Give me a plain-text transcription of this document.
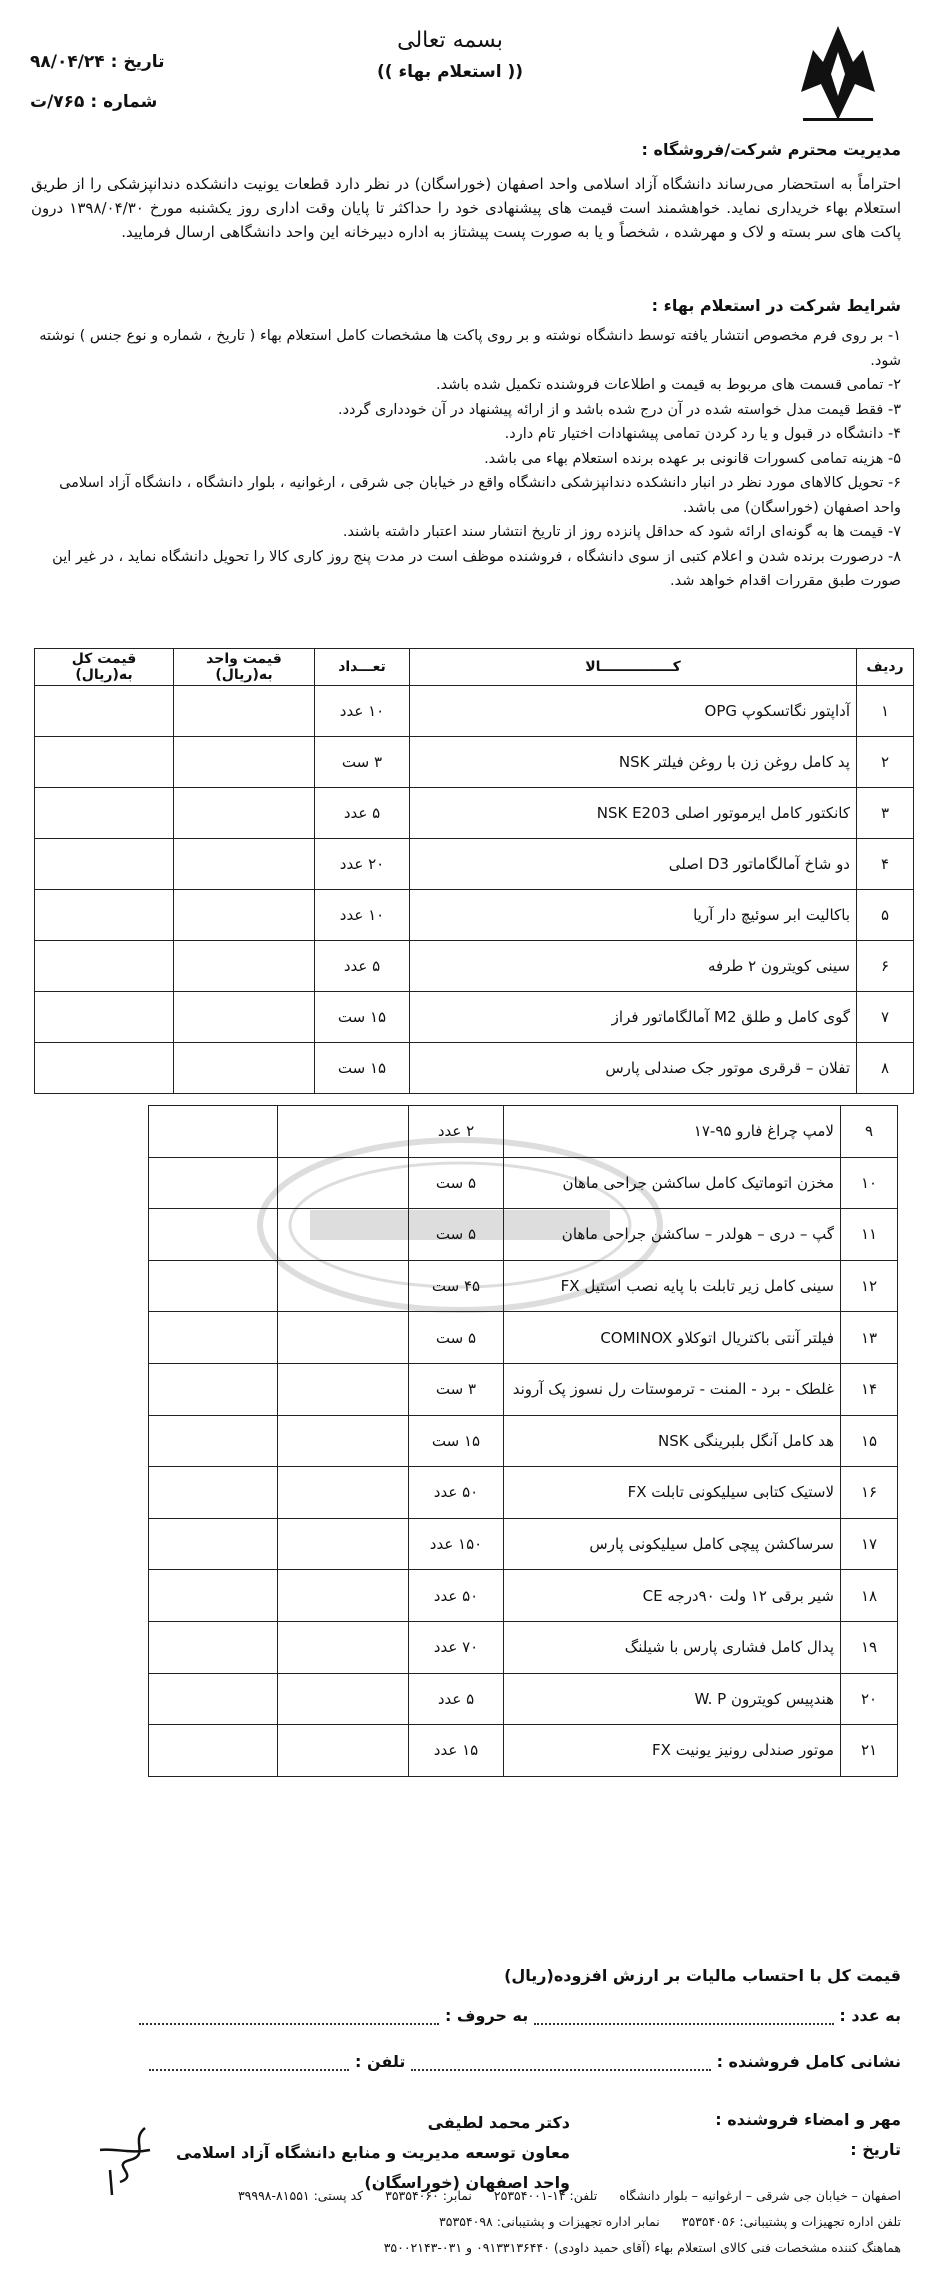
بسمه تعالی
(( استعلام بهاء ))
تاریخ : ۹۸/۰۴/۲۴
شماره : ۷۶۵/ت
مدیریت محترم شرکت/فروشگاه :
احتراماً به استحضار می‌رساند دانشگاه آزاد اسلامی واحد اصفهان (خوراسگان) در نظر دارد قطعات یونیت دانشکده دندانپزشکی را از طریق استعلام بهاء خریداری نماید. خواهشمند است قیمت های پیشنهادی خود را حداکثر تا پایان وقت اداری روز یکشنبه مورخ ۱۳۹۸/۰۴/۳۰ درون پاکت های سر بسته و لاک و مهرشده ، شخصاً و یا به صورت پست پیشتاز به اداره دبیرخانه این واحد دانشگاهی ارسال فرمایید.
شرایط شرکت در استعلام بهاء :
۱- بر روی فرم مخصوص انتشار یافته توسط دانشگاه نوشته و بر روی پاکت ها مشخصات کامل استعلام بهاء ( تاریخ ، شماره و نوع جنس ) نوشته شود.
۲- تمامی قسمت های مربوط به قیمت و اطلاعات فروشنده تکمیل شده باشد.
۳- فقط قیمت مدل خواسته شده در آن درج شده باشد و از ارائه پیشنهاد در آن خودداری گردد.
۴- دانشگاه در قبول و یا رد کردن تمامی پیشنهادات اختیار تام دارد.
۵- هزینه تمامی کسورات قانونی بر عهده برنده استعلام بهاء می باشد.
۶- تحویل کالاهای مورد نظر در انبار دانشکده دندانپزشکی دانشگاه واقع در خیابان جی شرقی ، ارغوانیه ، بلوار دانشگاه ، دانشگاه آزاد اسلامی واحد اصفهان (خوراسگان) می باشد.
۷- قیمت ها به گونه‌ای ارائه شود که حداقل پانزده روز از تاریخ انتشار سند اعتبار داشته باشند.
۸- درصورت برنده شدن و اعلام کتبی از سوی دانشگاه ، فروشنده موظف است در مدت پنج روز کاری کالا را تحویل دانشگاه نماید ، در غیر این صورت طبق مقررات اقدام خواهد شد.
ردیف	کـــــــــــــــالا	تعـــداد	قیمت واحد به(ریال)	قیمت کل به(ریال)
۱	آداپتور نگاتسکوپ OPG	۱۰ عدد		
۲	پد کامل روغن زن با روغن فیلتر NSK	۳ ست		
۳	کانکتور کامل ایرموتور اصلی NSK E203	۵ عدد		
۴	دو شاخ آمالگاماتور D3 اصلی	۲۰ عدد		
۵	باکالیت ابر سوئیچ دار آریا	۱۰ عدد		
۶	سینی کویترون ۲ طرفه	۵ عدد		
۷	گوی کامل و طلق M2 آمالگاماتور فراز	۱۵ ست		
۸	تفلان – قرقری موتور جک صندلی پارس	۱۵ ست		
۹	لامپ چراغ فارو ۹۵-۱۷	۲ عدد		
۱۰	مخزن اتوماتیک کامل ساکشن جراحی ماهان	۵ ست		
۱۱	گپ – دری – هولدر – ساکشن جراحی ماهان	۵ ست		
۱۲	سینی کامل زیر تابلت با پایه نصب استیل FX	۴۵ ست		
۱۳	فیلتر آنتی باکتریال اتوکلاو COMINOX	۵ ست		
۱۴	غلطک - برد - المنت - ترموستات رل نسوز پک آروند	۳ ست		
۱۵	هد کامل آنگل بلبرینگی NSK	۱۵ ست		
۱۶	لاستیک کتابی سیلیکونی تابلت FX	۵۰ عدد		
۱۷	سرساکشن پیچی کامل سیلیکونی پارس	۱۵۰ عدد		
۱۸	شیر برقی ۱۲ ولت ۹۰درجه CE	۵۰ عدد		
۱۹	پدال کامل فشاری پارس با شیلنگ	۷۰ عدد		
۲۰	هندپیس کویترون W. P	۵ عدد		
۲۱	موتور صندلی رونیز یونیت FX	۱۵ عدد		
قیمت کل با احتساب مالیات بر ارزش افزوده(ریال)
به عدد :  به حروف :
نشانی کامل فروشنده :  تلفن :
مهر و امضاء فروشنده :
تاریخ :
دکتر محمد لطیفی
معاون توسعه مدیریت و منابع دانشگاه آزاد اسلامی
واحد اصفهان (خوراسگان)
اصفهان – خیابان جی شرقی – ارغوانیه – بلوار دانشگاه تلفن: ۱۴-۲۵۳۵۴۰۰۱ نمابر: ۳۵۳۵۴۰۶۰ کد پستی: ۸۱۵۵۱-۳۹۹۹۸
تلفن اداره تجهیزات و پشتیبانی: ۳۵۳۵۴۰۵۶ نمابر اداره تجهیزات و پشتیبانی: ۳۵۳۵۴۰۹۸
هماهنگ کننده مشخصات فنی کالای استعلام بهاء (آقای حمید داودی) ۰۹۱۳۳۱۳۶۴۴۰ و ۰۳۱-۳۵۰۰۲۱۴۳
